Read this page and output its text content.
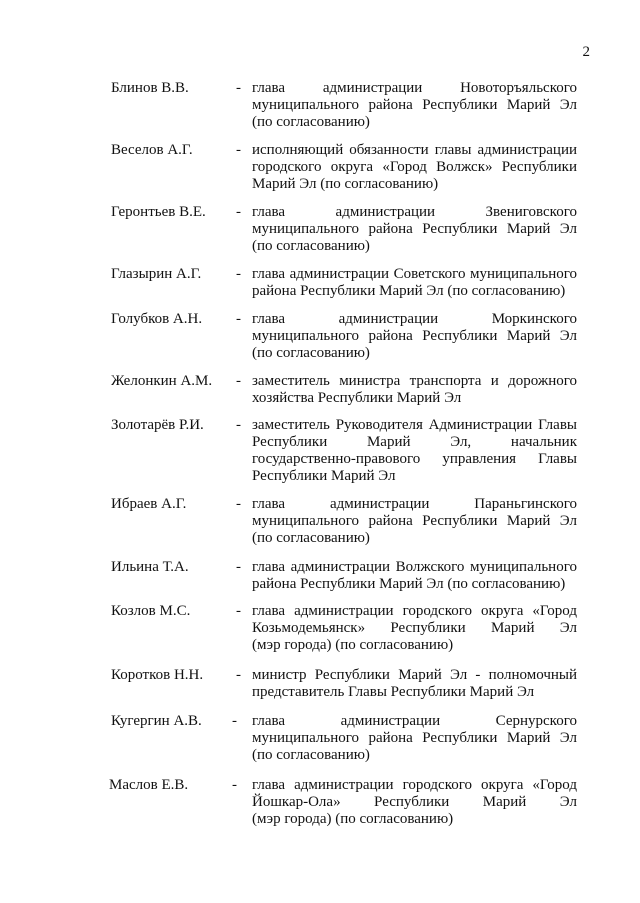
2
Блинов В.В.	- глава администрации Новоторъяльского
муниципального района Республики Марий Эл
(по согласованию)
Веселов А.Г.	- исполняющий обязанности главы администрации
городского округа «Город Волжск» Республики
Марий Эл (по согласованию)
Геронтьев В.Е. - глава администрации Звениговского
муниципального района Республики Марий Эл
(по согласованию)
Глазырин А.Г. - глава администрации Советского муниципального
района Республики Марий Эл (по согласованию)
Голубков А.Н. - глава администрации Моркинского
муниципального района Республики Марий Эл
(по согласованию)
Желонкин А.М. - заместитель министра транспорта и дорожного
хозяйства Республики Марий Эл
Золотарёв Р.И. - заместитель Руководителя Администрации Главы
Республики Марий Эл, начальник
государственно-правового управления Главы
Республики Марий Эл
Ибраев А.Г.	- глава администрации Параньгинского
муниципального района Республики Марий Эл
(по согласованию)
Ильина Т.А.	- глава администрации Волжского муниципального
района Республики Марий Эл (по согласованию)
Козлов М.С.	- глава администрации городского округа «Город
Козьмодемьянск» Республики Марий Эл
(мэр города) (по согласованию)
Коротков Н.Н. - министр Республики Марий Эл - полномочный
представитель Главы Республики Марий Эл
Кугергин А.В. - глава администрации Сернурского
муниципального района Республики Марий Эл
(по согласованию)
Маслов Е.В.	- глава администрации городского округа «Город
Йошкар-Ола» Республики Марий Эл
(мэр города) (по согласованию)
